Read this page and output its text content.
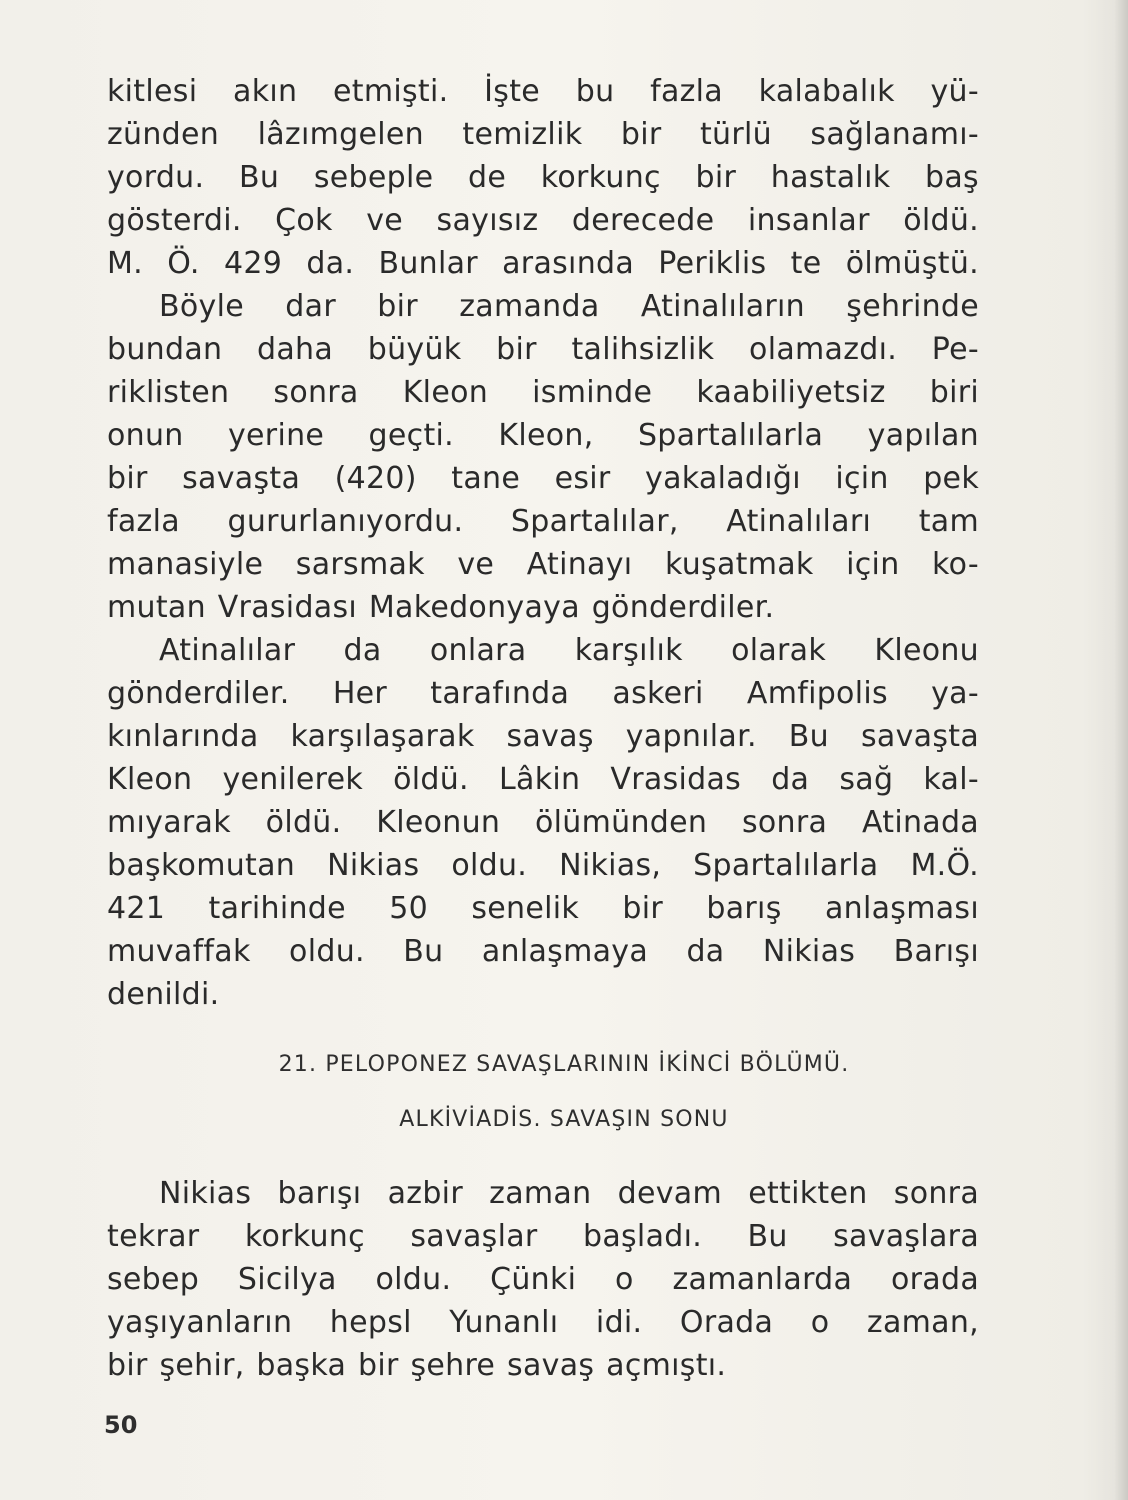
kitlesi akın etmişti. İşte bu fazla kalabalık yü-
zünden lâzımgelen temizlik bir türlü sağlanamı-
yordu. Bu sebeple de korkunç bir hastalık baş
gösterdi. Çok ve sayısız derecede insanlar öldü.
M. Ö. 429 da. Bunlar arasında Periklis te ölmüştü.
Böyle dar bir zamanda Atinalıların şehrinde
bundan daha büyük bir talihsizlik olamazdı. Pe-
riklisten sonra Kleon isminde kaabiliyetsiz biri
onun yerine geçti. Kleon, Spartalılarla yapılan
bir savaşta (420) tane esir yakaladığı için pek
fazla gururlanıyordu. Spartalılar, Atinalıları tam
manasiyle sarsmak ve Atinayı kuşatmak için ko-
mutan Vrasidası Makedonyaya gönderdiler.
Atinalılar da onlara karşılık olarak Kleonu
gönderdiler. Her tarafında askeri Amfipolis ya-
kınlarında karşılaşarak savaş yapnılar. Bu savaşta
Kleon yenilerek öldü. Lâkin Vrasidas da sağ kal-
mıyarak öldü. Kleonun ölümünden sonra Atinada
başkomutan Nikias oldu. Nikias, Spartalılarla M.Ö.
421 tarihinde 50 senelik bir barış anlaşması
muvaffak oldu. Bu anlaşmaya da Nikias Barışı
denildi.
21. PELOPONEZ SAVAŞLARININ İKİNCİ BÖLÜMÜ.
ALKİVİADİS. SAVAŞIN SONU
Nikias barışı azbir zaman devam ettikten sonra
tekrar korkunç savaşlar başladı. Bu savaşlara
sebep Sicilya oldu. Çünki o zamanlarda orada
yaşıyanların hepsl Yunanlı idi. Orada o zaman,
bir şehir, başka bir şehre savaş açmıştı.
50
